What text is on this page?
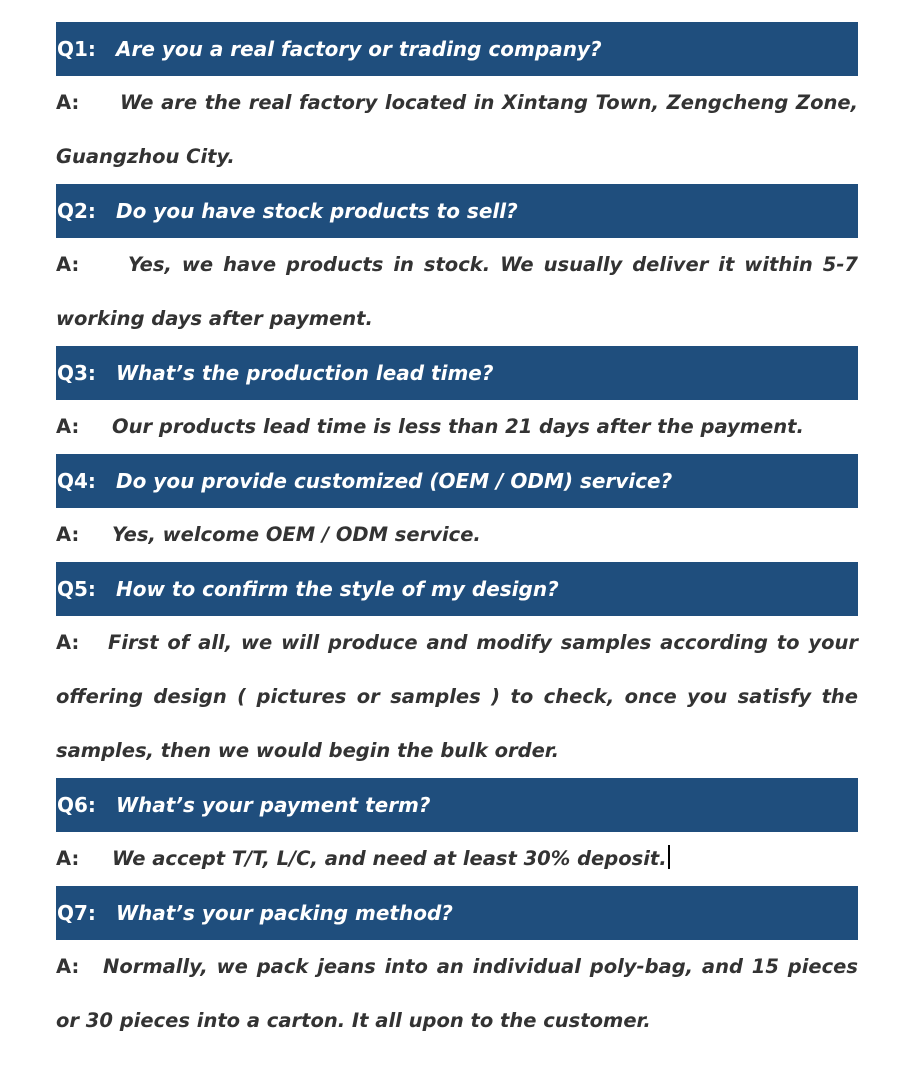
Q1:	Are you a real factory or trading company?

A: We are the real factory located in Xintang Town, Zengcheng Zone, Guangzhou City.

Q2:	Do you have stock products to sell?

A: Yes, we have products in stock. We usually deliver it within 5-7 working days after payment.

Q3:	What’s the production lead time?

A: Our products lead time is less than 21 days after the payment.

Q4:	Do you provide customized (OEM / ODM) service?

A: Yes, welcome OEM / ODM service.

Q5:	How to confirm the style of my design?

A: First of all, we will produce and modify samples according to your offering design ( pictures or samples ) to check, once you satisfy the samples, then we would begin the bulk order.

Q6:	What’s your payment term?

A: We accept T/T, L/C, and need at least 30% deposit.

Q7:	What’s your packing method?

A: Normally, we pack jeans into an individual poly-bag, and 15 pieces or 30 pieces into a carton. It all upon to the customer.
